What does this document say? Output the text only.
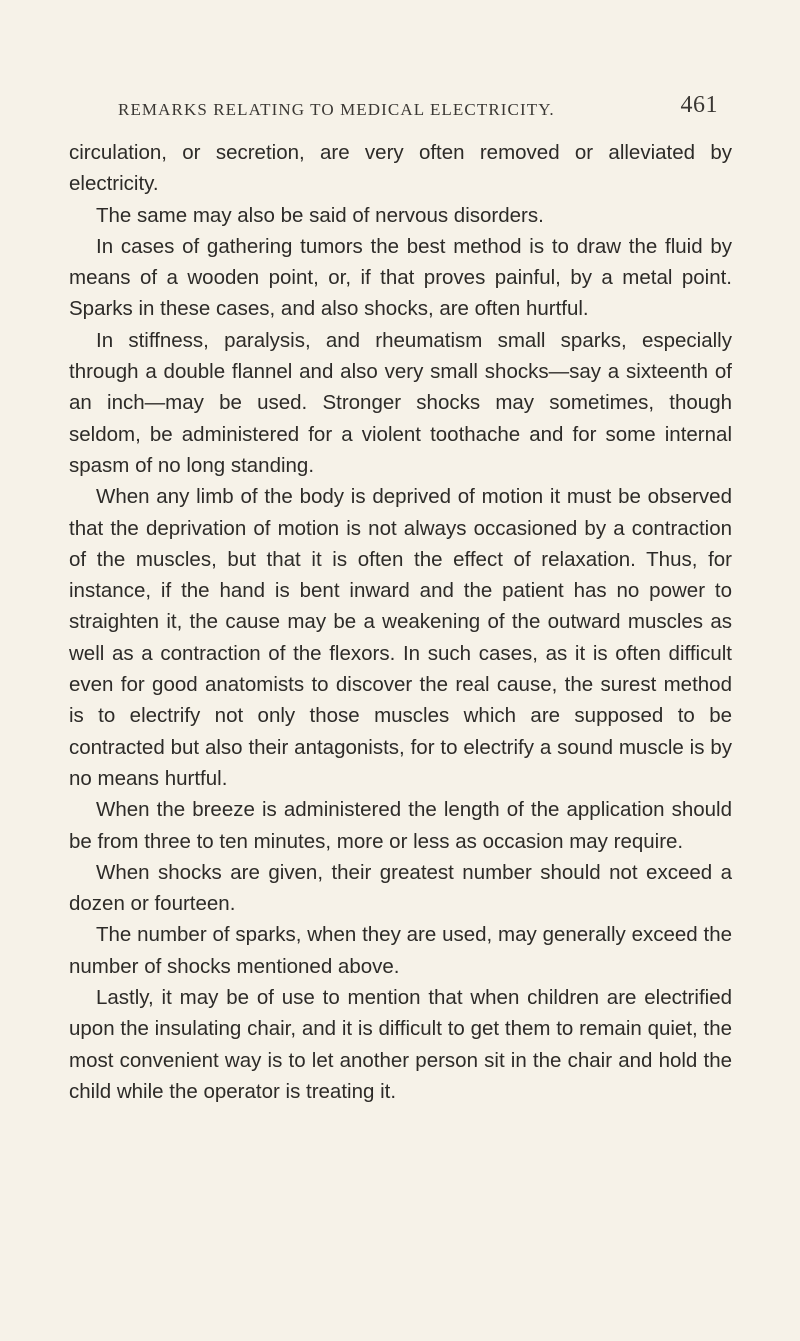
REMARKS RELATING TO MEDICAL ELECTRICITY.	461

circulation, or secretion, are very often removed or alleviated by electricity.

The same may also be said of nervous disorders.

In cases of gathering tumors the best method is to draw the fluid by means of a wooden point, or, if that proves painful, by a metal point. Sparks in these cases, and also shocks, are often hurtful.

In stiffness, paralysis, and rheumatism small sparks, especially through a double flannel and also very small shocks—say a sixteenth of an inch—may be used. Stronger shocks may sometimes, though seldom, be administered for a violent toothache and for some internal spasm of no long standing.

When any limb of the body is deprived of motion it must be observed that the deprivation of motion is not always occasioned by a contraction of the muscles, but that it is often the effect of relaxation. Thus, for instance, if the hand is bent inward and the patient has no power to straighten it, the cause may be a weakening of the outward muscles as well as a contraction of the flexors. In such cases, as it is often difficult even for good anatomists to discover the real cause, the surest method is to electrify not only those muscles which are supposed to be contracted but also their antagonists, for to electrify a sound muscle is by no means hurtful.

When the breeze is administered the length of the application should be from three to ten minutes, more or less as occasion may require.

When shocks are given, their greatest number should not exceed a dozen or fourteen.

The number of sparks, when they are used, may generally exceed the number of shocks mentioned above.

Lastly, it may be of use to mention that when children are electrified upon the insulating chair, and it is difficult to get them to remain quiet, the most convenient way is to let another person sit in the chair and hold the child while the operator is treating it.
